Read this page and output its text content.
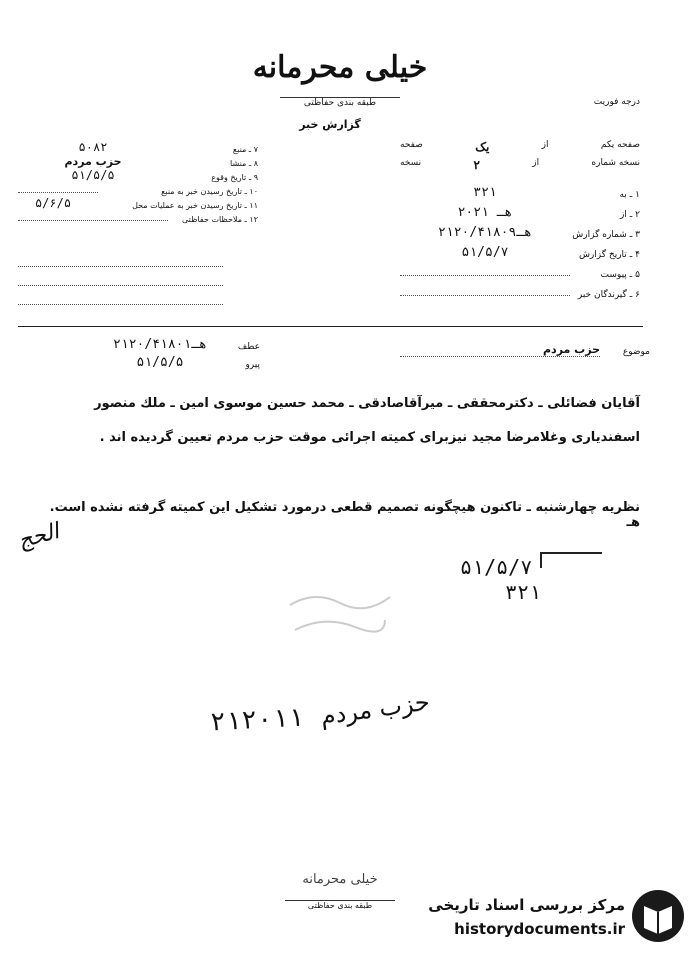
خیلی محرمانه
طبقه بندی حفاظتی	درجه فوریت
گزارش خبر
صفحه یکم
از
یک
صفحه
نسخه شماره
از
۲
نسخه
۱ ـ به
۳۲۱
۲ ـ از
۲۰هـ ۲۱
۳ ـ شماره گزارش
۲۱هـ۲۰/۴۱۸۰۹
۴ ـ تاریخ گزارش
۵۱/۵/۷
۵ ـ پیوست
۶ ـ گیرندگان خبر
۷ ـ منبع
۵۰۸۲
۸ ـ منشا
حزب مردم
۹ ـ تاریخ وقوع
۵۱/۵/۵
۱۰ ـ تاریخ رسیدن خبر به منبع
۱۱ ـ تاریخ رسیدن خبر به عملیات محل
۵/۶/۵
۱۲ ـ ملاحظات حفاظتی
موضوع
حزب مردم
عطف
۲۱هـ۲۰/۴۱۸۰۱
پیرو
۵۱/۵/۵
آقایان فضائلی ـ دکترمحققی ـ میرآقاصادقی ـ محمد حسین موسوی امین ـ ملك منصور
اسفندیاری وغلامرضا مجید نیزبرای کمیته اجرائی موقت حزب مردم تعیین گردیده اند .
نظریه چهارشنبه ـ تاکنون هیچگونه تصمیم قطعی درمورد تشکیل این کمیته گرفته نشده است. هـ
الحج
۵۱/۵/۷
۳۲۱
حزب مردم
۲۱۲۰۱۱
خیلی محرمانه
طبقه بندی حفاظتی	مرکز بررسی اسناد تاریخی
historydocuments.ir
